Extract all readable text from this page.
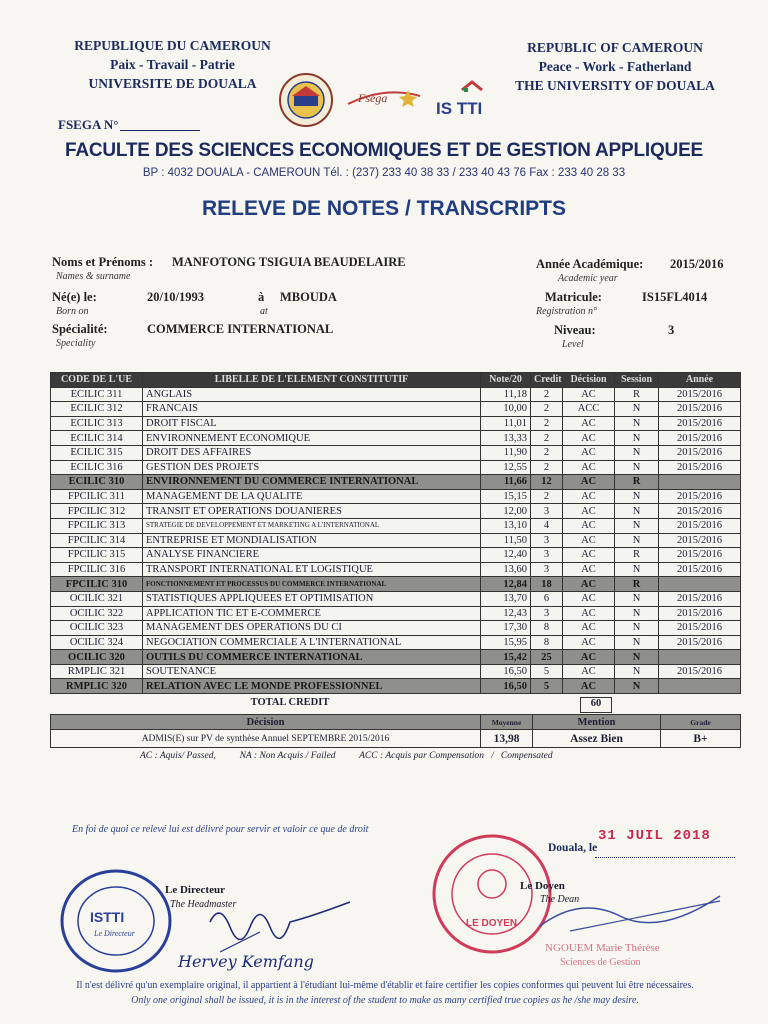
REPUBLIQUE DU CAMEROUN
Paix - Travail - Patrie
UNIVERSITE DE DOUALA
REPUBLIC OF CAMEROUN
Peace - Work - Fatherland
THE UNIVERSITY OF DOUALA
Fsega
IS TTI
FSEGA N°
FACULTE DES SCIENCES ECONOMIQUES ET DE GESTION APPLIQUEE
BP : 4032 DOUALA - CAMEROUN Tél. : (237) 233 40 38 33 / 233 40 43 76 Fax : 233 40 28 33
RELEVE DE NOTES / TRANSCRIPTS
Noms et Prénoms :
Names & surname
MANFOTONG TSIGUIA BEAUDELAIRE
Né(e) le:
Born on
20/10/1993	à
at
MBOUDA
Spécialité:
Speciality
COMMERCE INTERNATIONAL
Année Académique:
Academic year
2015/2016
Matricule:
Registration n°
IS15FL4014
Niveau:
Level
3
CODE DE L'UE	LIBELLE DE L'ELEMENT CONSTITUTIF	Note/20	Credit	Décision	Session	Année
ECILIC 311	ANGLAIS	11,18	2	AC	R	2015/2016
ECILIC 312	FRANCAIS	10,00	2	ACC	N	2015/2016
ECILIC 313	DROIT FISCAL	11,01	2	AC	N	2015/2016
ECILIC 314	ENVIRONNEMENT ECONOMIQUE	13,33	2	AC	N	2015/2016
ECILIC 315	DROIT DES AFFAIRES	11,90	2	AC	N	2015/2016
ECILIC 316	GESTION DES PROJETS	12,55	2	AC	N	2015/2016
ECILIC 310	ENVIRONNEMENT DU COMMERCE INTERNATIONAL	11,66	12	AC	R	
FPCILIC 311	MANAGEMENT DE LA QUALITE	15,15	2	AC	N	2015/2016
FPCILIC 312	TRANSIT ET OPERATIONS DOUANIERES	12,00	3	AC	N	2015/2016
FPCILIC 313	STRATEGIE DE DEVELOPPEMENT ET MARKETING A L'INTERNATIONAL	13,10	4	AC	N	2015/2016
FPCILIC 314	ENTREPRISE ET MONDIALISATION	11,50	3	AC	N	2015/2016
FPCILIC 315	ANALYSE FINANCIERE	12,40	3	AC	R	2015/2016
FPCILIC 316	TRANSPORT INTERNATIONAL ET LOGISTIQUE	13,60	3	AC	N	2015/2016
FPCILIC 310	FONCTIONNEMENT ET PROCESSUS DU COMMERCE INTERNATIONAL	12,84	18	AC	R	
OCILIC 321	STATISTIQUES APPLIQUEES ET OPTIMISATION	13,70	6	AC	N	2015/2016
OCILIC 322	APPLICATION TIC ET E-COMMERCE	12,43	3	AC	N	2015/2016
OCILIC 323	MANAGEMENT DES OPERATIONS DU CI	17,30	8	AC	N	2015/2016
OCILIC 324	NEGOCIATION COMMERCIALE A L'INTERNATIONAL	15,95	8	AC	N	2015/2016
OCILIC 320	OUTILS DU COMMERCE INTERNATIONAL	15,42	25	AC	N	
RMPLIC 321	SOUTENANCE	16,50	5	AC	N	2015/2016
RMPLIC 320	RELATION AVEC LE MONDE PROFESSIONNEL	16,50	5	AC	N	
TOTAL CREDIT	60
Décision	Moyenne	Mention	Grade
ADMIS(E) sur PV de synthèse Annuel SEPTEMBRE 2015/2016	13,98	Assez Bien	B+
AC : Aquis/ Passed,          NA : Non Acquis / Failed          ACC : Acquis par Compensation   /   Compensated
En foi de quoi ce relevé lui est délivré pour servir et valoir ce que de droit
Douala, le
31 JUIL 2018
ISTTI
Le Directeur
Le Directeur
The Headmaster
Hervey Kemfang
LE DOYEN
Le Doyen
The Dean
NGOUEM Marie Thérèse
Sciences de Gestion
Il n'est délivré qu'un exemplaire original, il appartient à l'étudiant lui-même d'établir et faire certifier les copies conformes qui peuvent lui être nécessaires.
Only one original shall be issued, it is in the interest of the student to make as many certified true copies as he /she may desire.
